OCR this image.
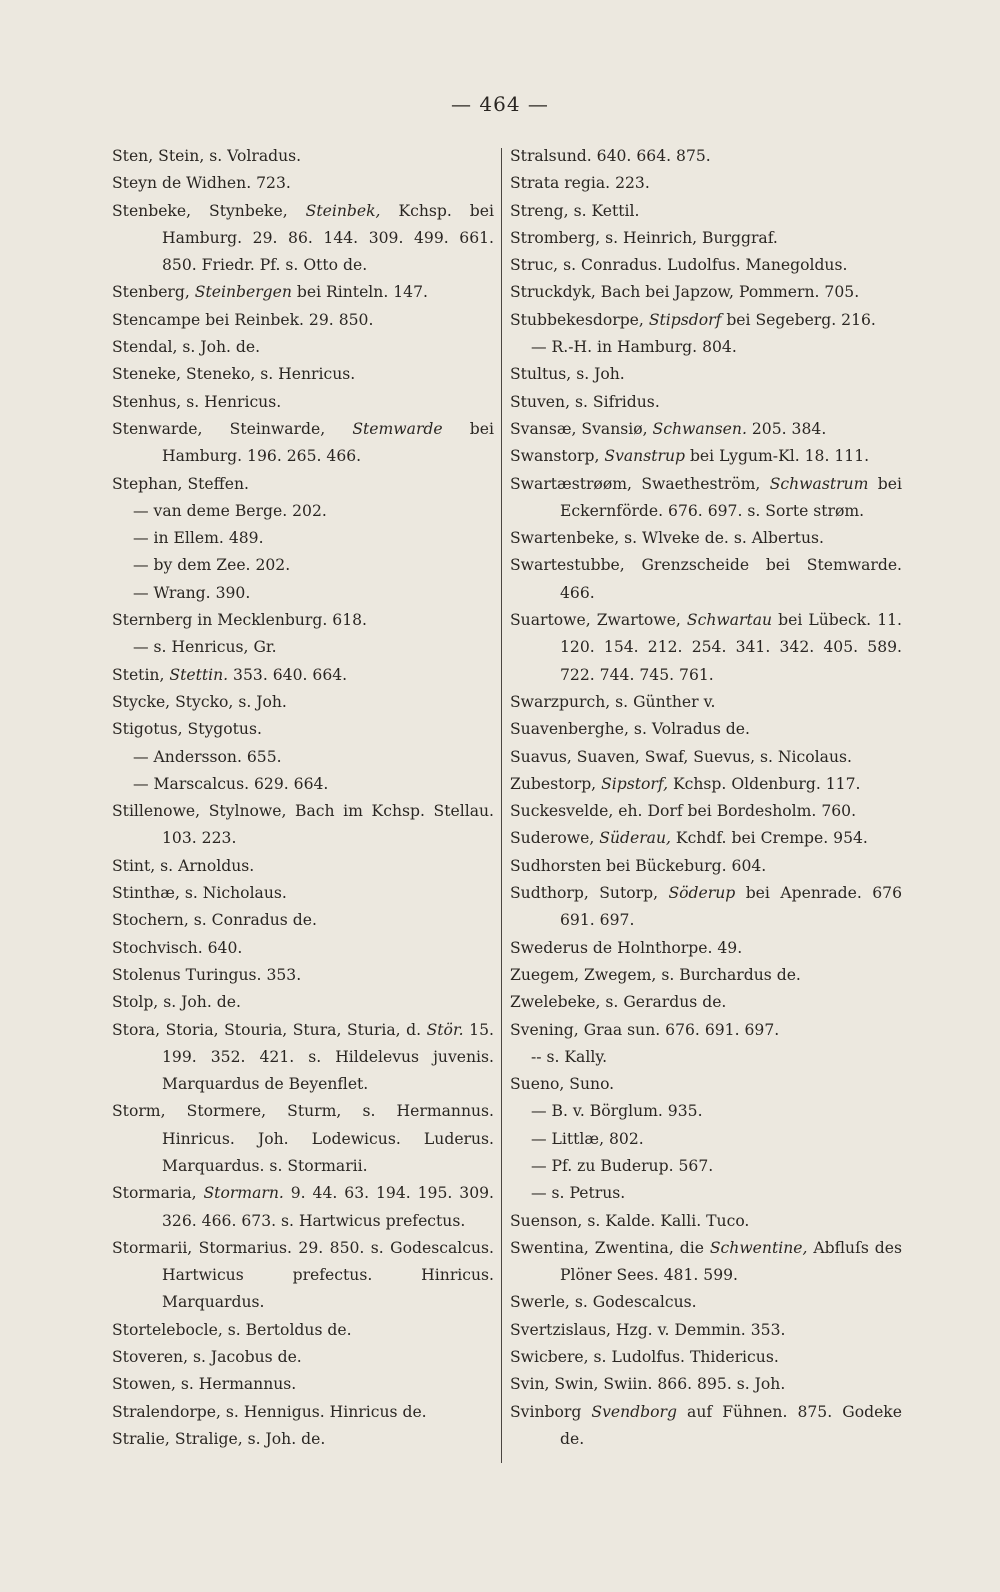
— 464 —
Sten, Stein, s. Volradus.
Steyn de Widhen. 723.
Stenbeke, Stynbeke, Steinbek, Kchsp. bei Hamburg. 29. 86. 144. 309. 499. 661. 850. Friedr. Pf. s. Otto de.
Stenberg, Steinbergen bei Rinteln. 147.
Stencampe bei Reinbek. 29. 850.
Stendal, s. Joh. de.
Steneke, Steneko, s. Henricus.
Stenhus, s. Henricus.
Stenwarde, Steinwarde, Stemwarde bei Hamburg. 196. 265. 466.
Stephan, Steffen.
— van deme Berge. 202.
— in Ellem. 489.
— by dem Zee. 202.
— Wrang. 390.
Sternberg in Mecklenburg. 618.
— s. Henricus, Gr.
Stetin, Stettin. 353. 640. 664.
Stycke, Stycko, s. Joh.
Stigotus, Stygotus.
— Andersson. 655.
— Marscalcus. 629. 664.
Stillenowe, Stylnowe, Bach im Kchsp. Stellau. 103. 223.
Stint, s. Arnoldus.
Stinthæ, s. Nicholaus.
Stochern, s. Conradus de.
Stochvisch. 640.
Stolenus Turingus. 353.
Stolp, s. Joh. de.
Stora, Storia, Stouria, Stura, Sturia, d. Stör. 15. 199. 352. 421. s. Hildelevus juvenis. Marquardus de Beyenflet.
Storm, Stormere, Sturm, s. Hermannus. Hinricus. Joh. Lodewicus. Luderus. Marquardus. s. Stormarii.
Stormaria, Stormarn. 9. 44. 63. 194. 195. 309. 326. 466. 673. s. Hartwicus prefectus.
Stormarii, Stormarius. 29. 850. s. Godescalcus. Hartwicus prefectus. Hinricus. Marquardus.
Stortelebocle, s. Bertoldus de.
Stoveren, s. Jacobus de.
Stowen, s. Hermannus.
Stralendorpe, s. Hennigus. Hinricus de.
Stralie, Stralige, s. Joh. de.
Stralsund. 640. 664. 875.
Strata regia. 223.
Streng, s. Kettil.
Stromberg, s. Heinrich, Burggraf.
Struc, s. Conradus. Ludolfus. Manegoldus.
Struckdyk, Bach bei Japzow, Pommern. 705.
Stubbekesdorpe, Stipsdorf bei Segeberg. 216.
— R.-H. in Hamburg. 804.
Stultus, s. Joh.
Stuven, s. Sifridus.
Svansæ, Svansiø, Schwansen. 205. 384.
Swanstorp, Svanstrup bei Lygum-Kl. 18. 111.
Swartæstrøøm, Swaetheström, Schwastrum bei Eckernförde. 676. 697. s. Sorte strøm.
Swartenbeke, s. Wlveke de. s. Albertus.
Swartestubbe, Grenzscheide bei Stemwarde. 466.
Suartowe, Zwartowe, Schwartau bei Lübeck. 11. 120. 154. 212. 254. 341. 342. 405. 589. 722. 744. 745. 761.
Swarzpurch, s. Günther v.
Suavenberghe, s. Volradus de.
Suavus, Suaven, Swaf, Suevus, s. Nicolaus.
Zubestorp, Sipstorf, Kchsp. Oldenburg. 117.
Suckesvelde, eh. Dorf bei Bordesholm. 760.
Suderowe, Süderau, Kchdf. bei Crempe. 954.
Sudhorsten bei Bückeburg. 604.
Sudthorp, Sutorp, Söderup bei Apenrade. 676 691. 697.
Swederus de Holnthorpe. 49.
Zuegem, Zwegem, s. Burchardus de.
Zwelebeke, s. Gerardus de.
Svening, Graa sun. 676. 691. 697.
-- s. Kally.
Sueno, Suno.
— B. v. Börglum. 935.
— Littlæ, 802.
— Pf. zu Buderup. 567.
— s. Petrus.
Suenson, s. Kalde. Kalli. Tuco.
Swentina, Zwentina, die Schwentine, Abfluſs des Plöner Sees. 481. 599.
Swerle, s. Godescalcus.
Svertzislaus, Hzg. v. Demmin. 353.
Swicbere, s. Ludolfus. Thidericus.
Svin, Swin, Swiin. 866. 895. s. Joh.
Svinborg Svendborg auf Fühnen. 875. Godeke de.
